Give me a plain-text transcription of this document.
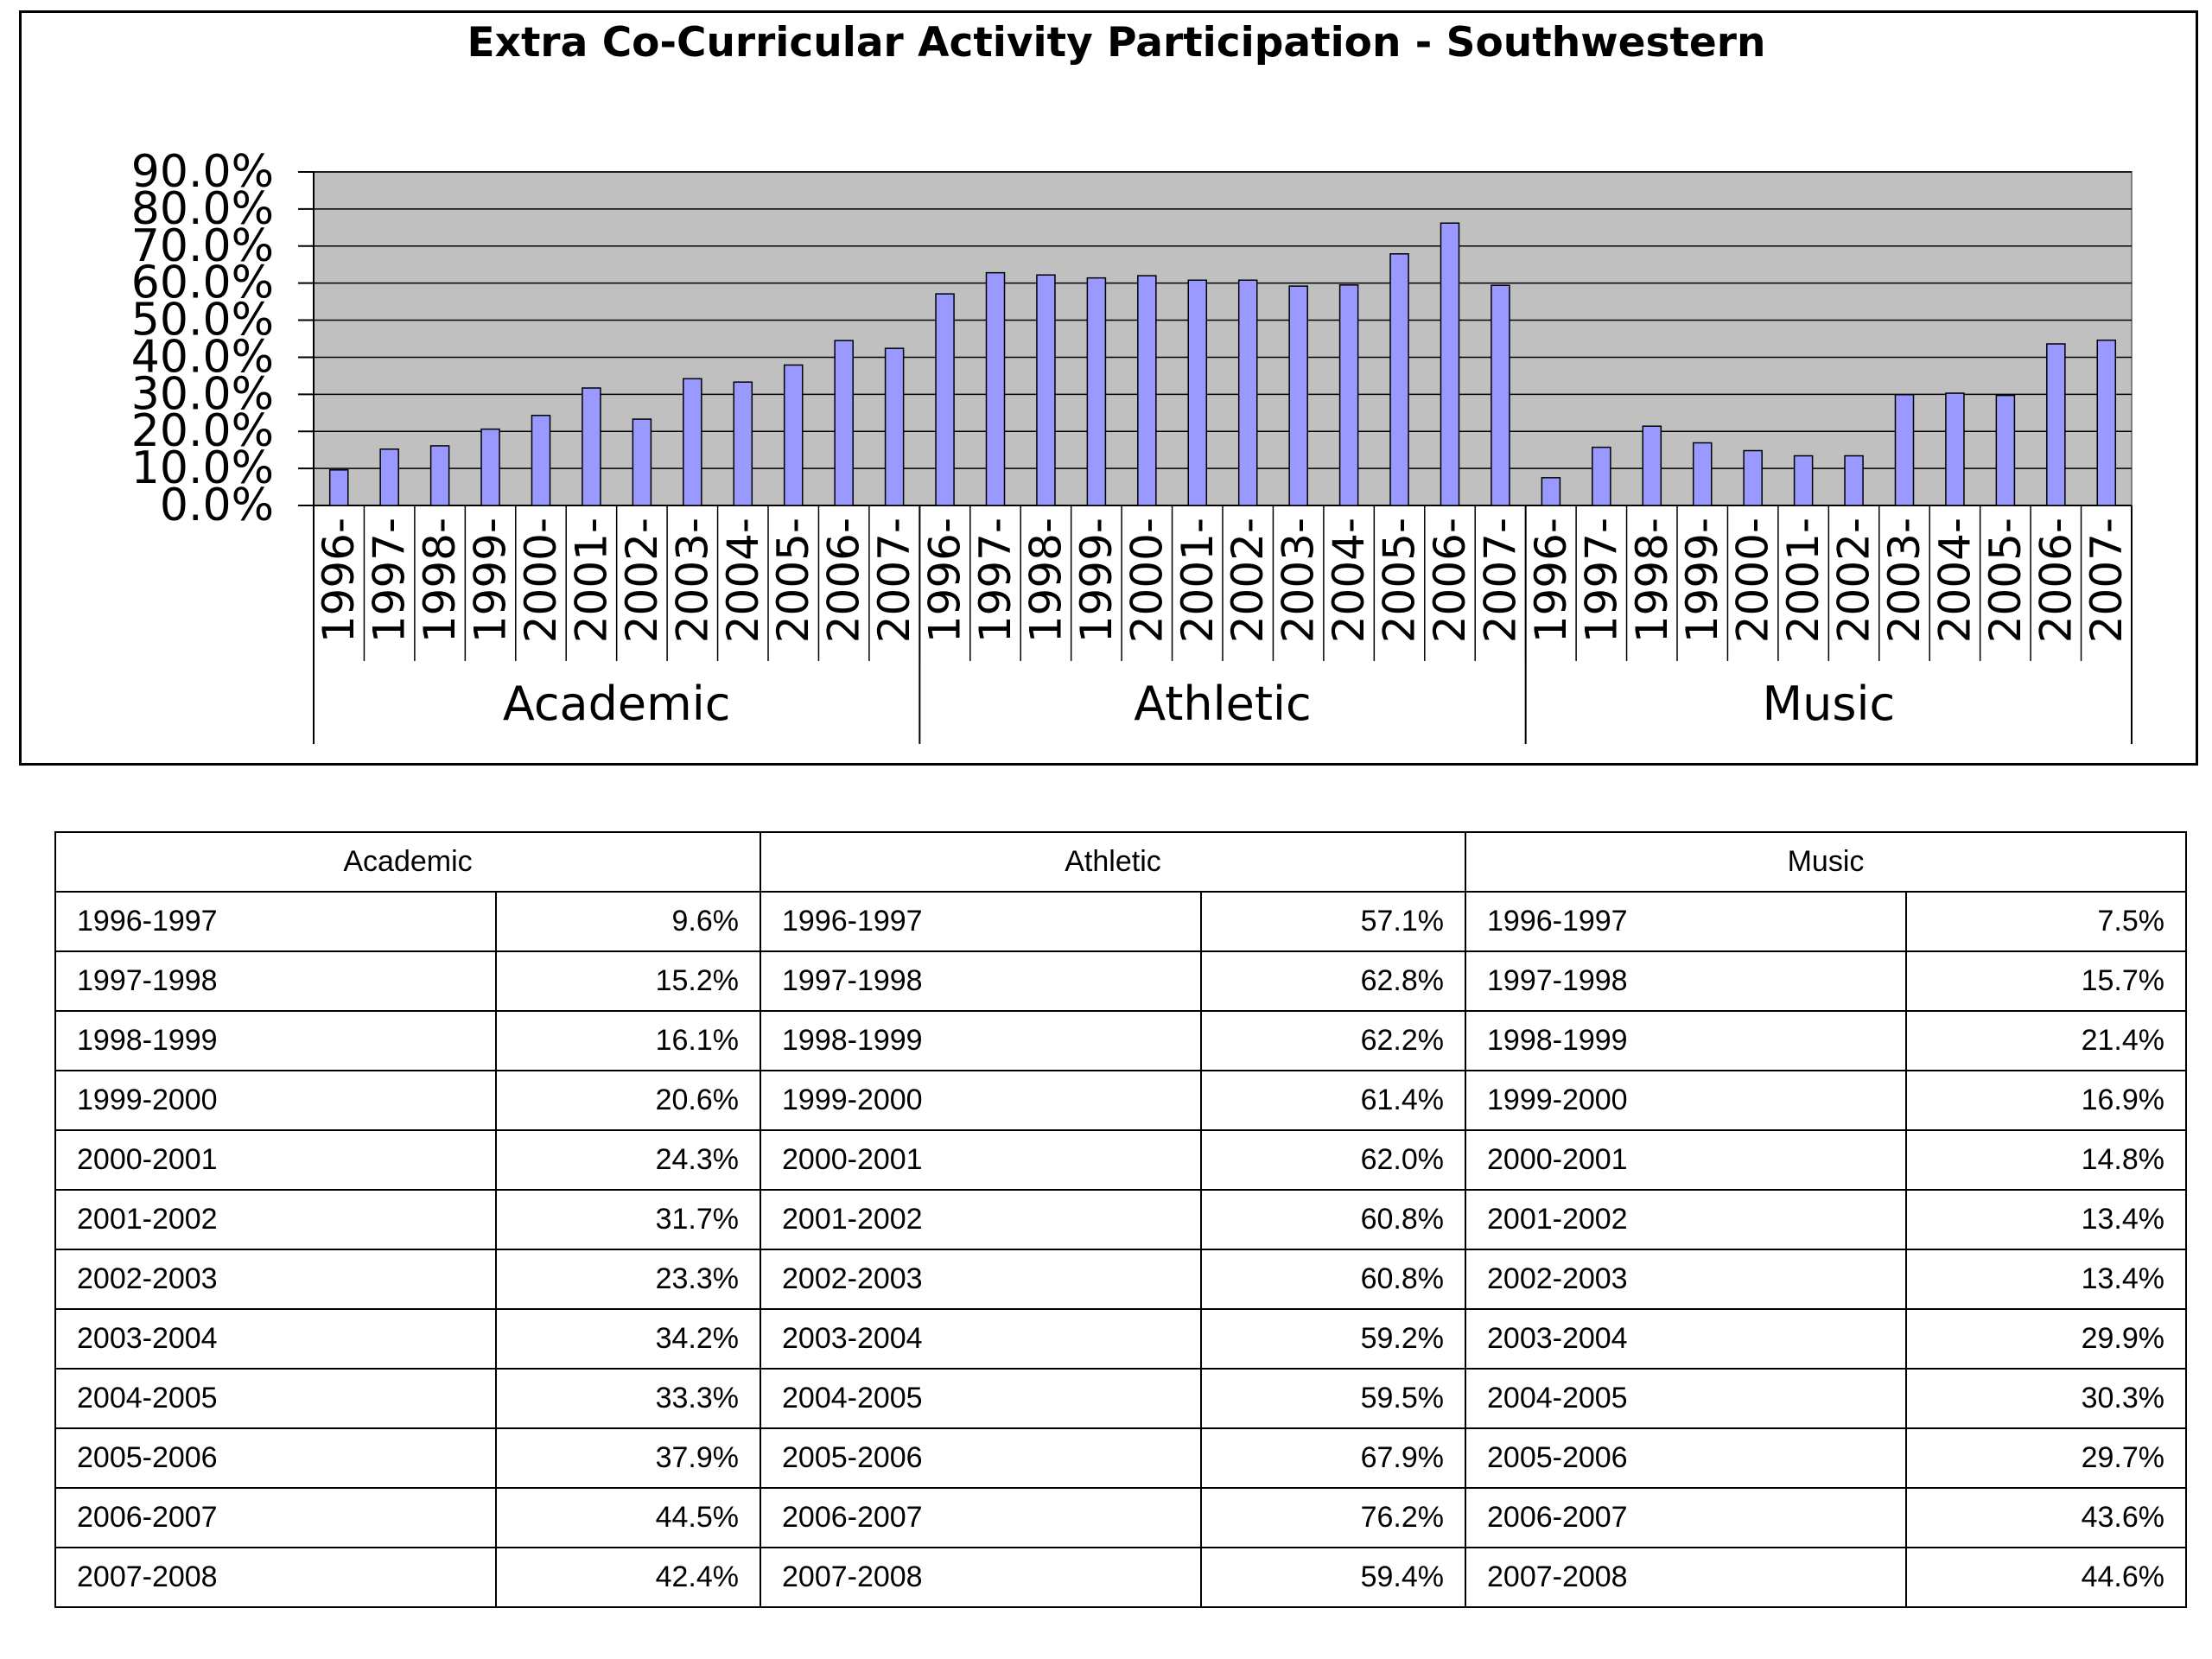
Extra Co-Curricular Activity Participation - Southwestern
0.0%
10.0%
20.0%
30.0%
40.0%
50.0%
60.0%
70.0%
80.0%
90.0%
1996- 1997- 1998- 1999- 2000- 2001- 2002- 2003- 2004- 2005- 2006- 2007-
Academic
1996- 1997- 1998- 1999- 2000- 2001- 2002- 2003- 2004- 2005- 2006- 2007-
Athletic
1996- 1997- 1998- 1999- 2000- 2001- 2002- 2003- 2004- 2005- 2006- 2007-
Music
Academic		Athletic		Music	
1996-1997	9.6%	1996-1997	57.1%	1996-1997	7.5%
1997-1998	15.2%	1997-1998	62.8%	1997-1998	15.7%
1998-1999	16.1%	1998-1999	62.2%	1998-1999	21.4%
1999-2000	20.6%	1999-2000	61.4%	1999-2000	16.9%
2000-2001	24.3%	2000-2001	62.0%	2000-2001	14.8%
2001-2002	31.7%	2001-2002	60.8%	2001-2002	13.4%
2002-2003	23.3%	2002-2003	60.8%	2002-2003	13.4%
2003-2004	34.2%	2003-2004	59.2%	2003-2004	29.9%
2004-2005	33.3%	2004-2005	59.5%	2004-2005	30.3%
2005-2006	37.9%	2005-2006	67.9%	2005-2006	29.7%
2006-2007	44.5%	2006-2007	76.2%	2006-2007	43.6%
2007-2008	42.4%	2007-2008	59.4%	2007-2008	44.6%
